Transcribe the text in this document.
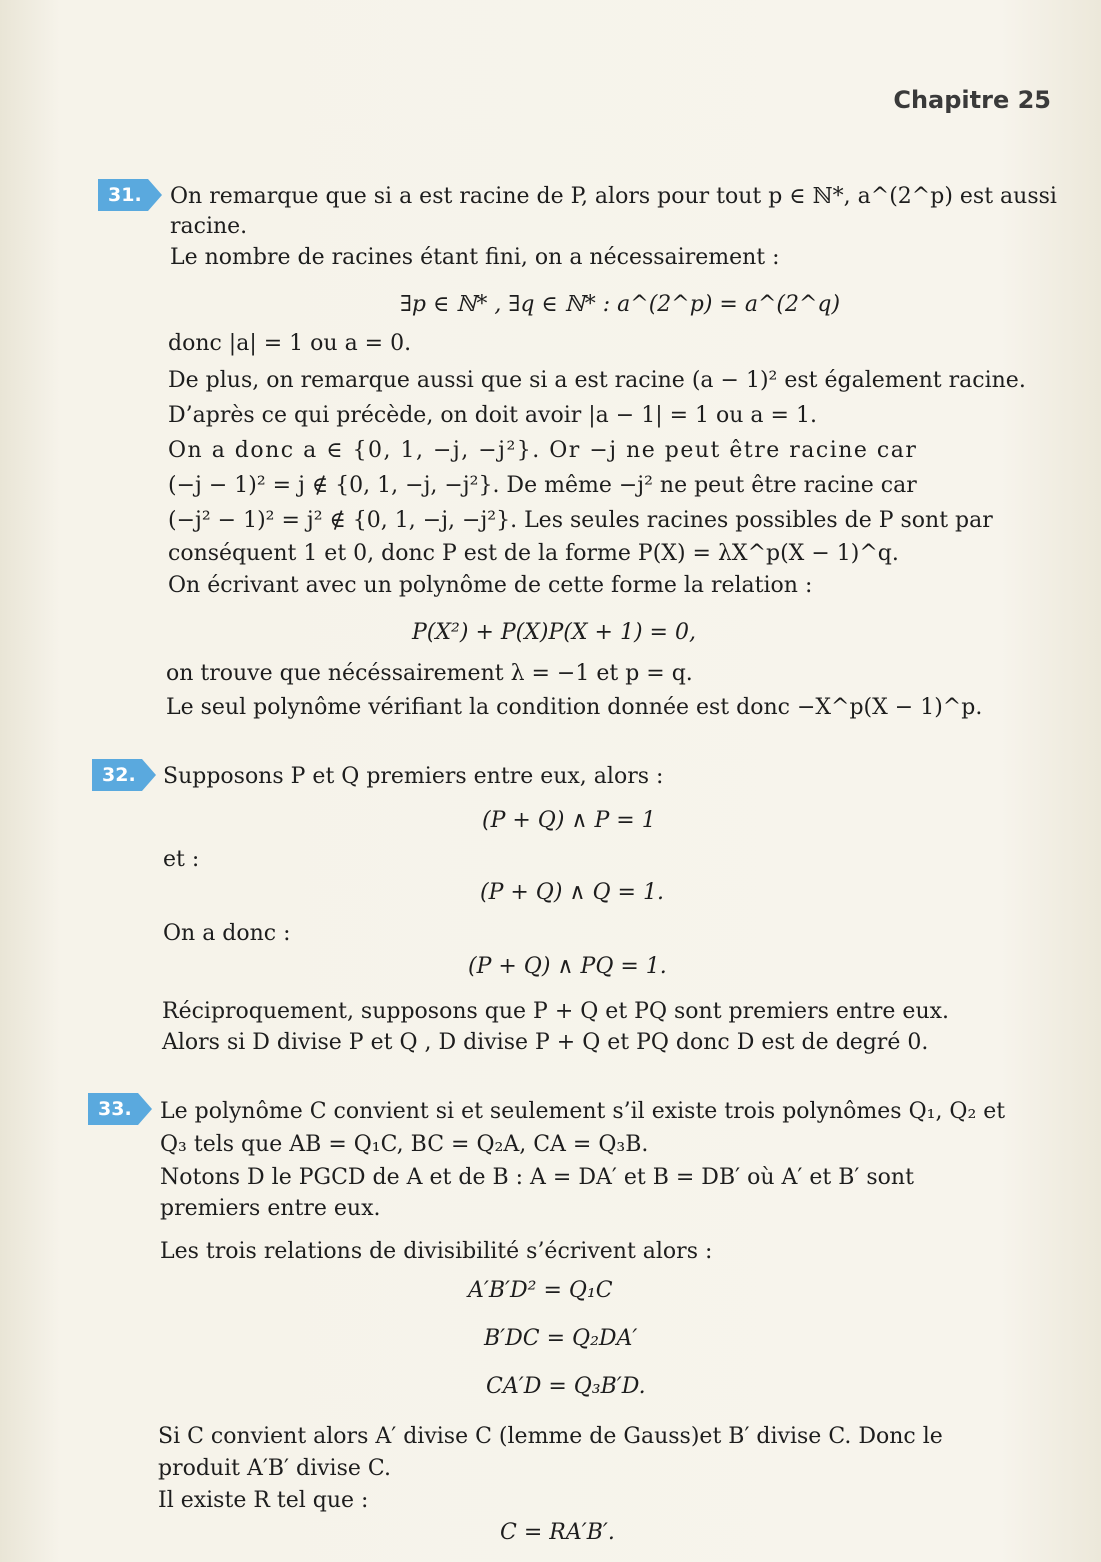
Chapitre 25
31.	On remarque que si a est racine de P, alors pour tout p ∈ ℕ*, a^(2^p) est aussi
racine.
Le nombre de racines étant fini, on a nécessairement :
∃p ∈ ℕ* , ∃q ∈ ℕ* : a^(2^p) = a^(2^q)
donc |a| = 1 ou a = 0.
De plus, on remarque aussi que si a est racine (a − 1)² est également racine.
D’après ce qui précède, on doit avoir |a − 1| = 1 ou a = 1.
On a donc a ∈ {0, 1, −j, −j²}. Or −j ne peut être racine car
(−j − 1)² = j ∉ {0, 1, −j, −j²}. De même −j² ne peut être racine car
(−j² − 1)² = j² ∉ {0, 1, −j, −j²}. Les seules racines possibles de P sont par
conséquent 1 et 0, donc P est de la forme P(X) = λX^p(X − 1)^q.
On écrivant avec un polynôme de cette forme la relation :
P(X²) + P(X)P(X + 1) = 0,
on trouve que nécéssairement λ = −1 et p = q.
Le seul polynôme vérifiant la condition donnée est donc −X^p(X − 1)^p.
32.	Supposons P et Q premiers entre eux, alors :
(P + Q) ∧ P = 1
et :
(P + Q) ∧ Q = 1.
On a donc :
(P + Q) ∧ PQ = 1.
Réciproquement, supposons que P + Q et PQ sont premiers entre eux.
Alors si D divise P et Q , D divise P + Q et PQ donc D est de degré 0.
33.	Le polynôme C convient si et seulement s’il existe trois polynômes Q₁, Q₂ et
Q₃ tels que AB = Q₁C, BC = Q₂A, CA = Q₃B.
Notons D le PGCD de A et de B : A = DA′ et B = DB′ où A′ et B′ sont
premiers entre eux.
Les trois relations de divisibilité s’écrivent alors :
A′B′D² = Q₁C
B′DC = Q₂DA′
CA′D = Q₃B′D.
Si C convient alors A′ divise C (lemme de Gauss)et B′ divise C. Donc le
produit A′B′ divise C.
Il existe R tel que :
C = RA′B′.
